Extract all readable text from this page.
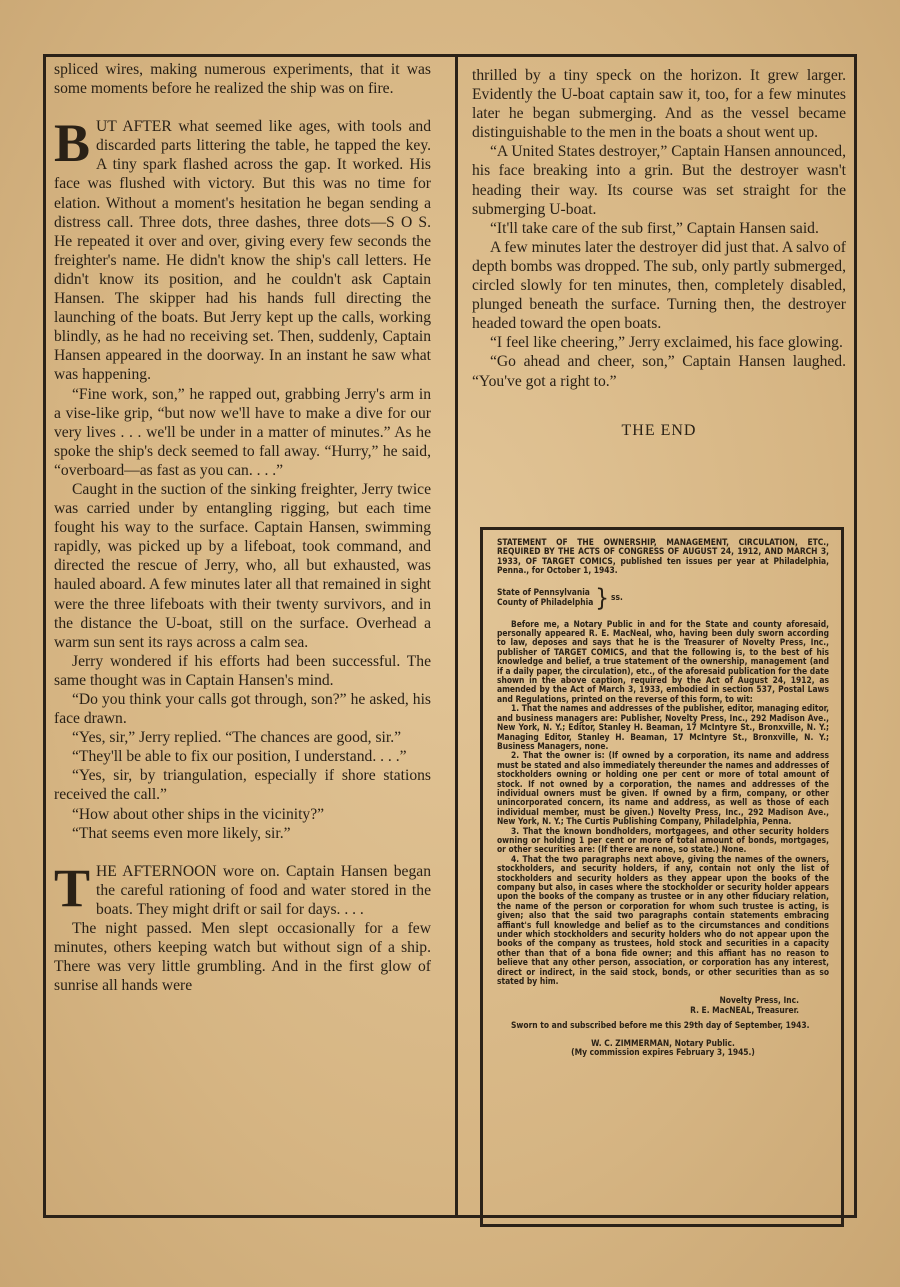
spliced wires, making numerous experiments, that it was some moments before he realized the ship was on fire.

BUT AFTER what seemed like ages, with tools and discarded parts littering the table, he tapped the key. A tiny spark flashed across the gap. It worked. His face was flushed with victory. But this was no time for elation. Without a moment's hesitation he began sending a distress call. Three dots, three dashes, three dots—S O S. He repeated it over and over, giving every few seconds the freighter's name. He didn't know the ship's call letters. He didn't know its position, and he couldn't ask Captain Hansen. The skipper had his hands full directing the launching of the boats. But Jerry kept up the calls, working blindly, as he had no receiving set. Then, suddenly, Captain Hansen appeared in the doorway. In an instant he saw what was happening.

“Fine work, son,” he rapped out, grabbing Jerry's arm in a vise-like grip, “but now we'll have to make a dive for our very lives . . . we'll be under in a matter of minutes.” As he spoke the ship's deck seemed to fall away. “Hurry,” he said, “overboard—as fast as you can. . . .”

Caught in the suction of the sinking freighter, Jerry twice was carried under by entangling rigging, but each time fought his way to the surface. Captain Hansen, swimming rapidly, was picked up by a lifeboat, took command, and directed the rescue of Jerry, who, all but exhausted, was hauled aboard. A few minutes later all that remained in sight were the three lifeboats with their twenty survivors, and in the distance the U-boat, still on the surface. Overhead a warm sun sent its rays across a calm sea.

Jerry wondered if his efforts had been successful. The same thought was in Captain Hansen's mind.

“Do you think your calls got through, son?” he asked, his face drawn.

“Yes, sir,” Jerry replied. “The chances are good, sir.”

“They'll be able to fix our position, I understand. . . .”

“Yes, sir, by triangulation, especially if shore stations received the call.”

“How about other ships in the vicinity?”

“That seems even more likely, sir.”

THE AFTERNOON wore on. Captain Hansen began the careful rationing of food and water stored in the boats. They might drift or sail for days. . . .

The night passed. Men slept occasionally for a few minutes, others keeping watch but without sign of a ship. There was very little grumbling. And in the first glow of sunrise all hands were

thrilled by a tiny speck on the horizon. It grew larger. Evidently the U-boat captain saw it, too, for a few minutes later he began submerging. And as the vessel became distinguishable to the men in the boats a shout went up.

“A United States destroyer,” Captain Hansen announced, his face breaking into a grin. But the destroyer wasn't heading their way. Its course was set straight for the submerging U-boat.

“It'll take care of the sub first,” Captain Hansen said.

A few minutes later the destroyer did just that. A salvo of depth bombs was dropped. The sub, only partly submerged, circled slowly for ten minutes, then, completely disabled, plunged beneath the surface. Turning then, the destroyer headed toward the open boats.

“I feel like cheering,” Jerry exclaimed, his face glowing.

“Go ahead and cheer, son,” Captain Hansen laughed. “You've got a right to.”

THE END
STATEMENT OF THE OWNERSHIP, MANAGEMENT, CIRCULATION, ETC., REQUIRED BY THE ACTS OF CONGRESS OF AUGUST 24, 1912, AND MARCH 3, 1933, OF TARGET COMICS, published ten issues per year at Philadelphia, Penna., for October 1, 1943.
State of Pennsylvania
County of Philadelphia } ss.

Before me, a Notary Public in and for the State and county aforesaid, personally appeared R. E. MacNeal, who, having been duly sworn according to law, deposes and says that he is the Treasurer of Novelty Press, Inc., publisher of TARGET COMICS, and that the following is, to the best of his knowledge and belief, a true statement of the ownership, management (and if a daily paper, the circulation), etc., of the aforesaid publication for the date shown in the above caption, required by the Act of August 24, 1912, as amended by the Act of March 3, 1933, embodied in section 537, Postal Laws and Regulations, printed on the reverse of this form, to wit:

1. That the names and addresses of the publisher, editor, managing editor, and business managers are: Publisher, Novelty Press, Inc., 292 Madison Ave., New York, N. Y.; Editor, Stanley H. Beaman, 17 McIntyre St., Bronxville, N. Y.; Managing Editor, Stanley H. Beaman, 17 McIntyre St., Bronxville, N. Y.; Business Managers, none.

2. That the owner is: (If owned by a corporation, its name and address must be stated and also immediately thereunder the names and addresses of stockholders owning or holding one per cent or more of total amount of stock. If not owned by a corporation, the names and addresses of the individual owners must be given. If owned by a firm, company, or other unincorporated concern, its name and address, as well as those of each individual member, must be given.) Novelty Press, Inc., 292 Madison Ave., New York, N. Y.; The Curtis Publishing Company, Philadelphia, Penna.

3. That the known bondholders, mortgagees, and other security holders owning or holding 1 per cent or more of total amount of bonds, mortgages, or other securities are: (If there are none, so state.) None.

4. That the two paragraphs next above, giving the names of the owners, stockholders, and security holders, if any, contain not only the list of stockholders and security holders as they appear upon the books of the company but also, in cases where the stockholder or security holder appears upon the books of the company as trustee or in any other fiduciary relation, the name of the person or corporation for whom such trustee is acting, is given; also that the said two paragraphs contain statements embracing affiant's full knowledge and belief as to the circumstances and conditions under which stockholders and security holders who do not appear upon the books of the company as trustees, hold stock and securities in a capacity other than that of a bona fide owner; and this affiant has no reason to believe that any other person, association, or corporation has any interest, direct or indirect, in the said stock, bonds, or other securities than as so stated by him.

Novelty Press, Inc.
R. E. MacNEAL, Treasurer.

Sworn to and subscribed before me this 29th day of September, 1943.

W. C. ZIMMERMAN, Notary Public.
(My commission expires February 3, 1945.)
